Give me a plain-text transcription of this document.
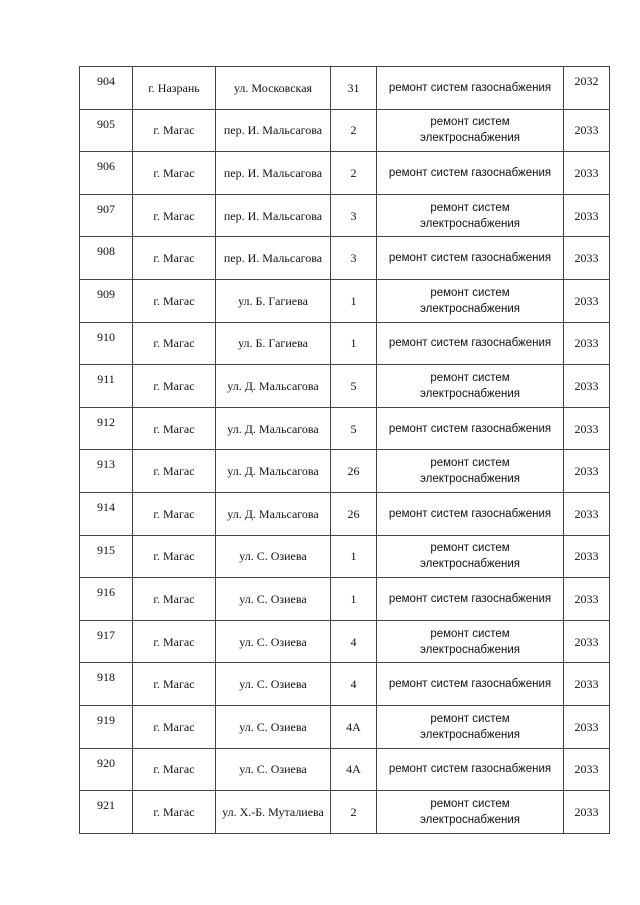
904	г. Назрань	ул. Московская	31	ремонт систем газоснабжения	2032
905	г. Магас	пер. И. Мальсагова	2	ремонт систем электроснабжения	2033
906	г. Магас	пер. И. Мальсагова	2	ремонт систем газоснабжения	2033
907	г. Магас	пер. И. Мальсагова	3	ремонт систем электроснабжения	2033
908	г. Магас	пер. И. Мальсагова	3	ремонт систем газоснабжения	2033
909	г. Магас	ул. Б. Гагиева	1	ремонт систем электроснабжения	2033
910	г. Магас	ул. Б. Гагиева	1	ремонт систем газоснабжения	2033
911	г. Магас	ул. Д. Мальсагова	5	ремонт систем электроснабжения	2033
912	г. Магас	ул. Д. Мальсагова	5	ремонт систем газоснабжения	2033
913	г. Магас	ул. Д. Мальсагова	26	ремонт систем электроснабжения	2033
914	г. Магас	ул. Д. Мальсагова	26	ремонт систем газоснабжения	2033
915	г. Магас	ул. С. Озиева	1	ремонт систем электроснабжения	2033
916	г. Магас	ул. С. Озиева	1	ремонт систем газоснабжения	2033
917	г. Магас	ул. С. Озиева	4	ремонт систем электроснабжения	2033
918	г. Магас	ул. С. Озиева	4	ремонт систем газоснабжения	2033
919	г. Магас	ул. С. Озиева	4А	ремонт систем электроснабжения	2033
920	г. Магас	ул. С. Озиева	4А	ремонт систем газоснабжения	2033
921	г. Магас	ул. Х.-Б. Муталиева	2	ремонт систем электроснабжения	2033
